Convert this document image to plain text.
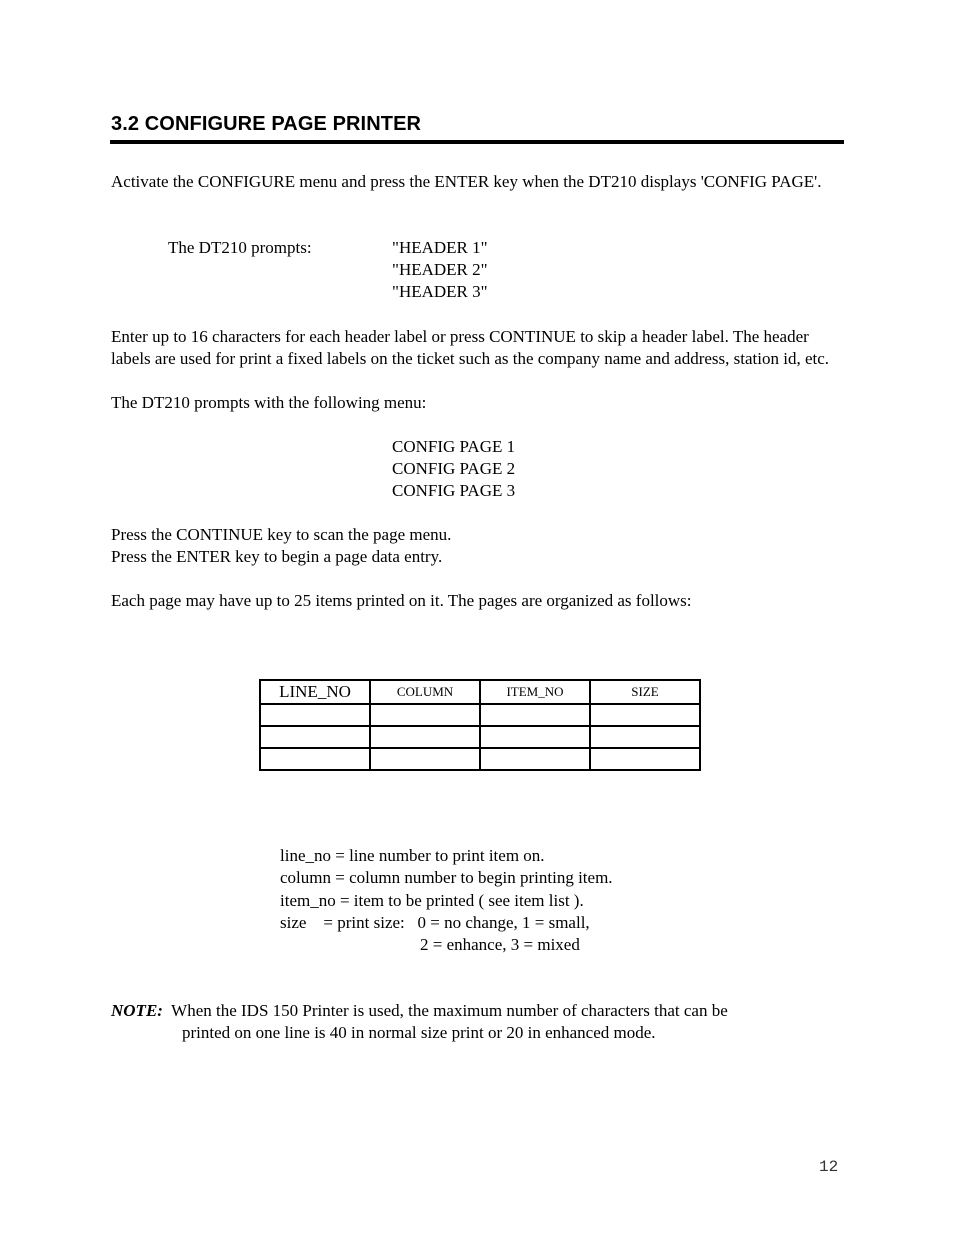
3.2 CONFIGURE PAGE PRINTER
Activate the CONFIGURE menu and press the ENTER key when the DT210 displays 'CONFIG PAGE'.
The DT210 prompts:	"HEADER 1"
"HEADER 2"
"HEADER 3"
Enter up to 16 characters for each header label or press CONTINUE to skip a header label. The header labels are used for print a fixed labels on the ticket such as the company name and address, station id, etc.
The DT210 prompts with the following menu:
CONFIG PAGE 1
CONFIG PAGE 2
CONFIG PAGE 3
Press the CONTINUE key to scan the page menu.
Press the ENTER key to begin a page data entry.
Each page may have up to 25 items printed on it. The pages are organized as follows:
LINE_NO	COLUMN	ITEM_NO	SIZE

line_no = line number to print item on.
column = column number to begin printing item.
item_no = item to be printed ( see item list ).
size    = print size:   0 = no change, 1 = small,
2 = enhance, 3 = mixed
NOTE: When the IDS 150 Printer is used, the maximum number of characters that can be
printed on one line is 40 in normal size print or 20 in enhanced mode.
12
